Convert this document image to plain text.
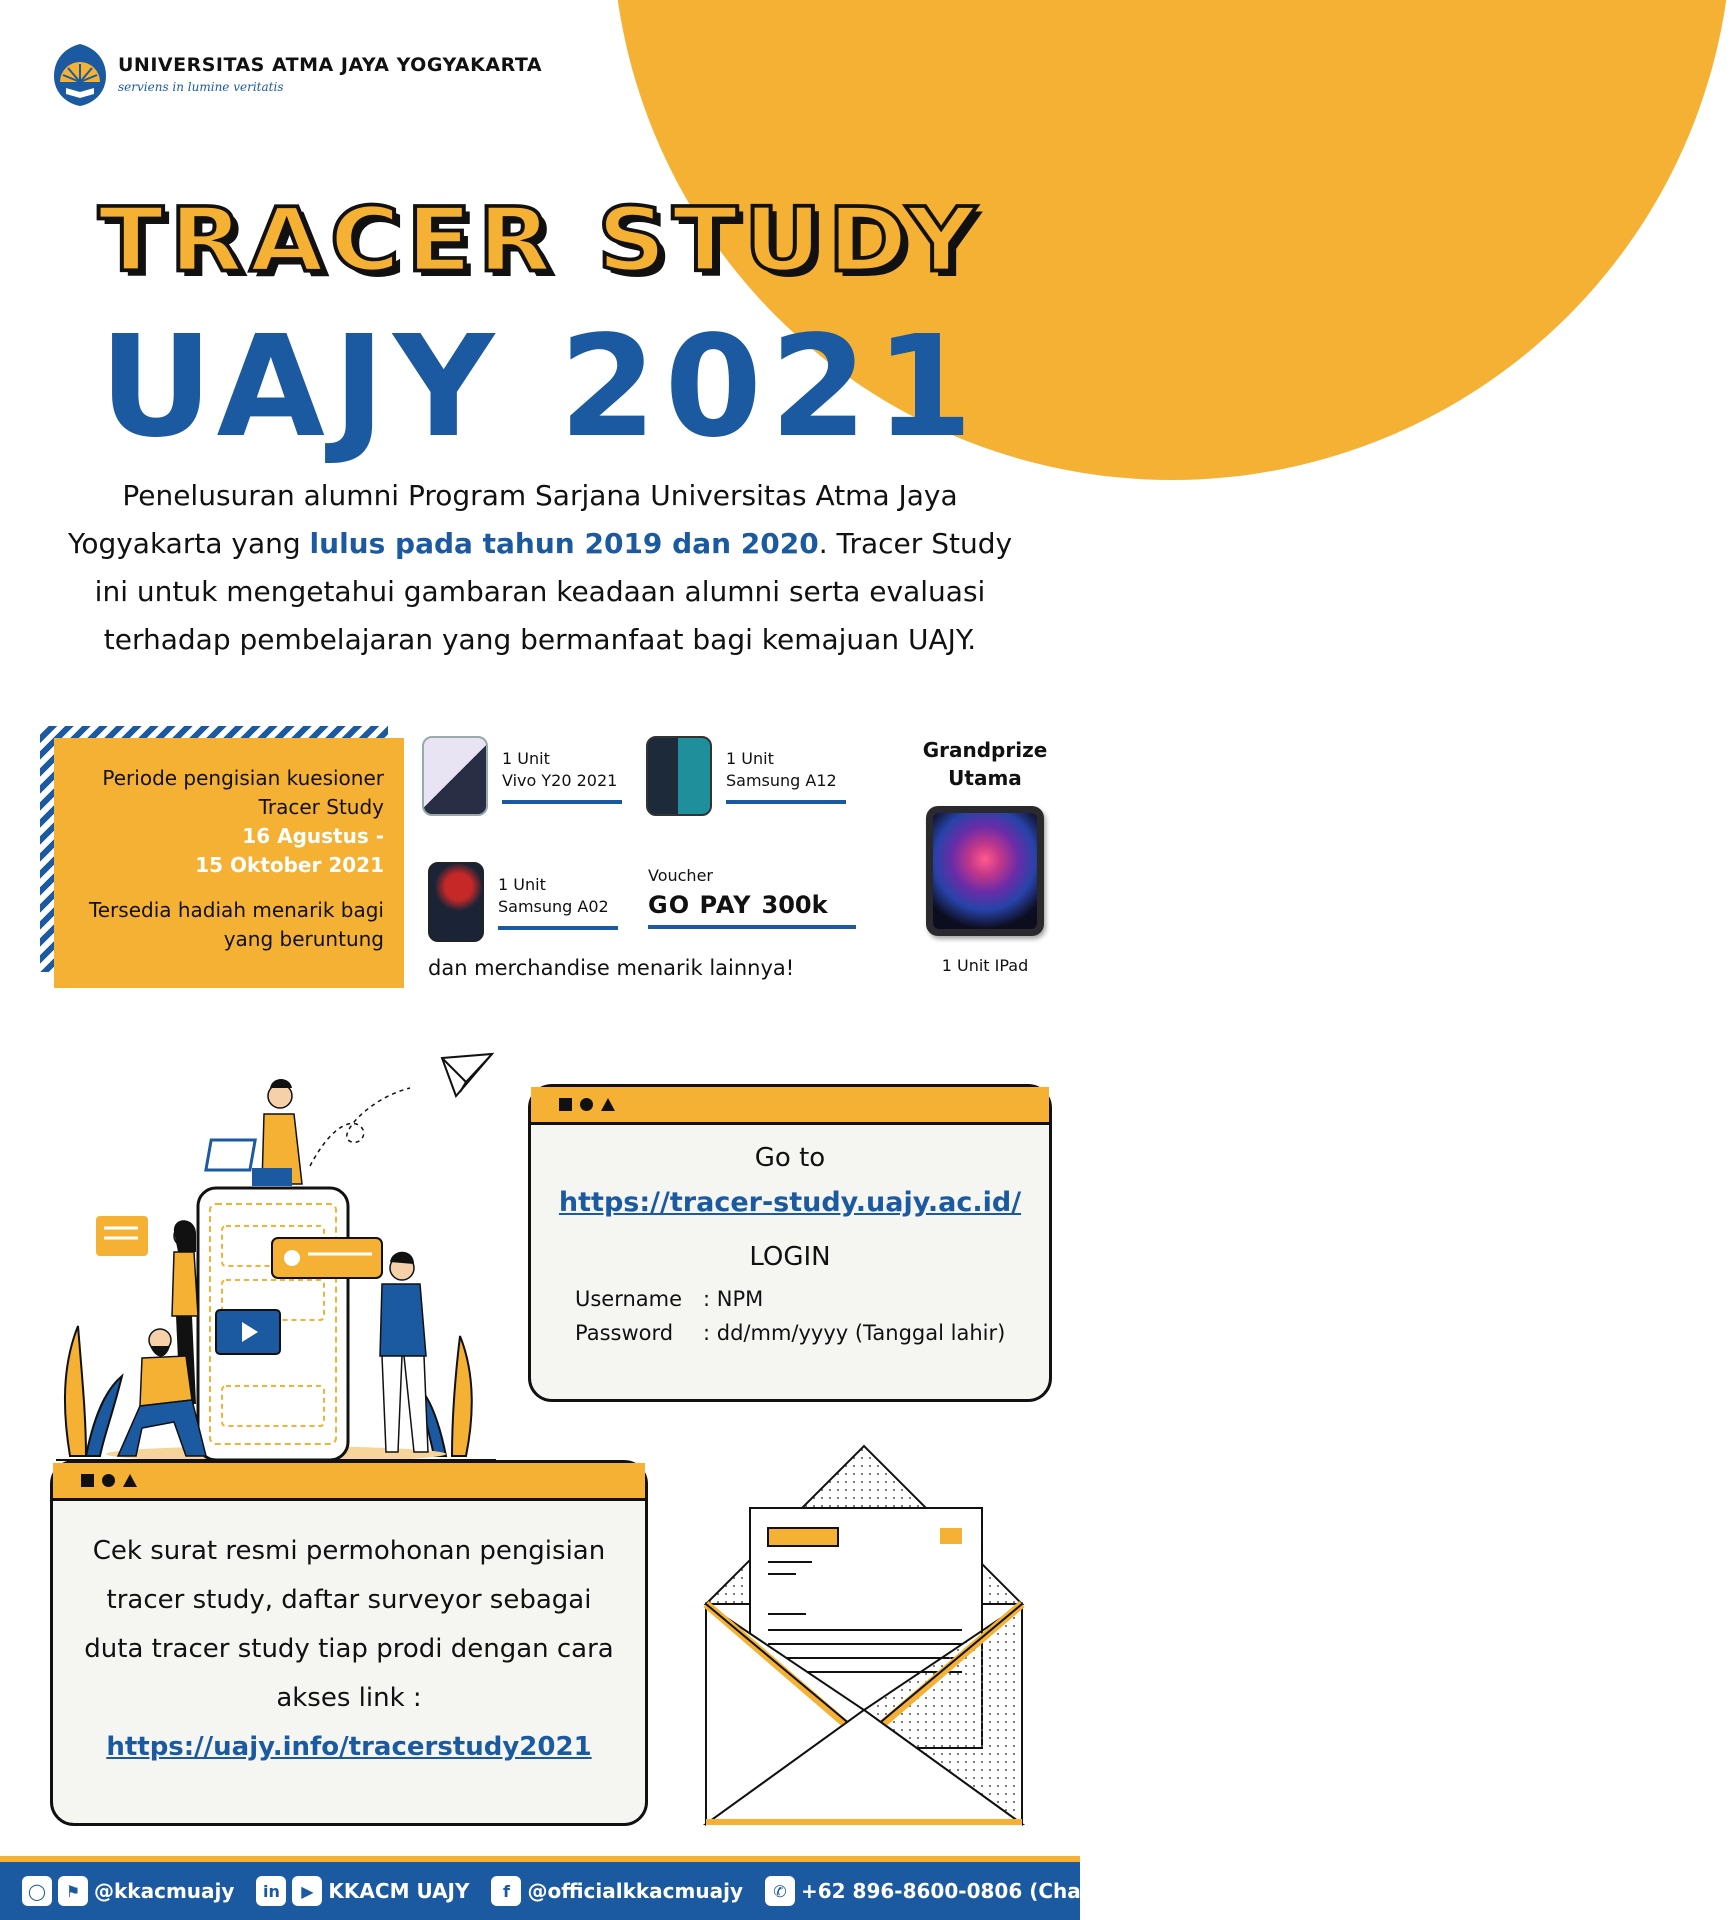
UNIVERSITAS ATMA JAYA YOGYAKARTA
serviens in lumine veritatis
TRACER STUDY
UAJY 2021

Penelusuran alumni Program Sarjana Universitas Atma Jaya Yogyakarta yang lulus pada tahun 2019 dan 2020. Tracer Study ini untuk mengetahui gambaran keadaan alumni serta evaluasi terhadap pembelajaran yang bermanfaat bagi kemajuan UAJY.

Periode pengisian kuesioner
Tracer Study
16 Agustus -
15 Oktober 2021
Tersedia hadiah menarik bagi
yang beruntung
1 Unit
Vivo Y20 2021
1 Unit
Samsung A12
1 Unit
Samsung A02
Voucher
GO PAY 300k
dan merchandise menarik lainnya!
Grandprize Utama
1 Unit IPad
Go to
https://tracer-study.uajy.ac.id/
LOGIN
Username : NPM
Password	: dd/mm/yyyy (Tanggal lahir)
Cek surat resmi permohonan pengisian tracer study, daftar surveyor sebagai duta tracer study tiap prodi dengan cara akses link :
https://uajy.info/tracerstudy2021
◯	⚑ @kkacmuajy	in	▶ KKACM UAJY	f @officialkkacmuajy	✆ +62 896-8600-0806 (Chat WA)
